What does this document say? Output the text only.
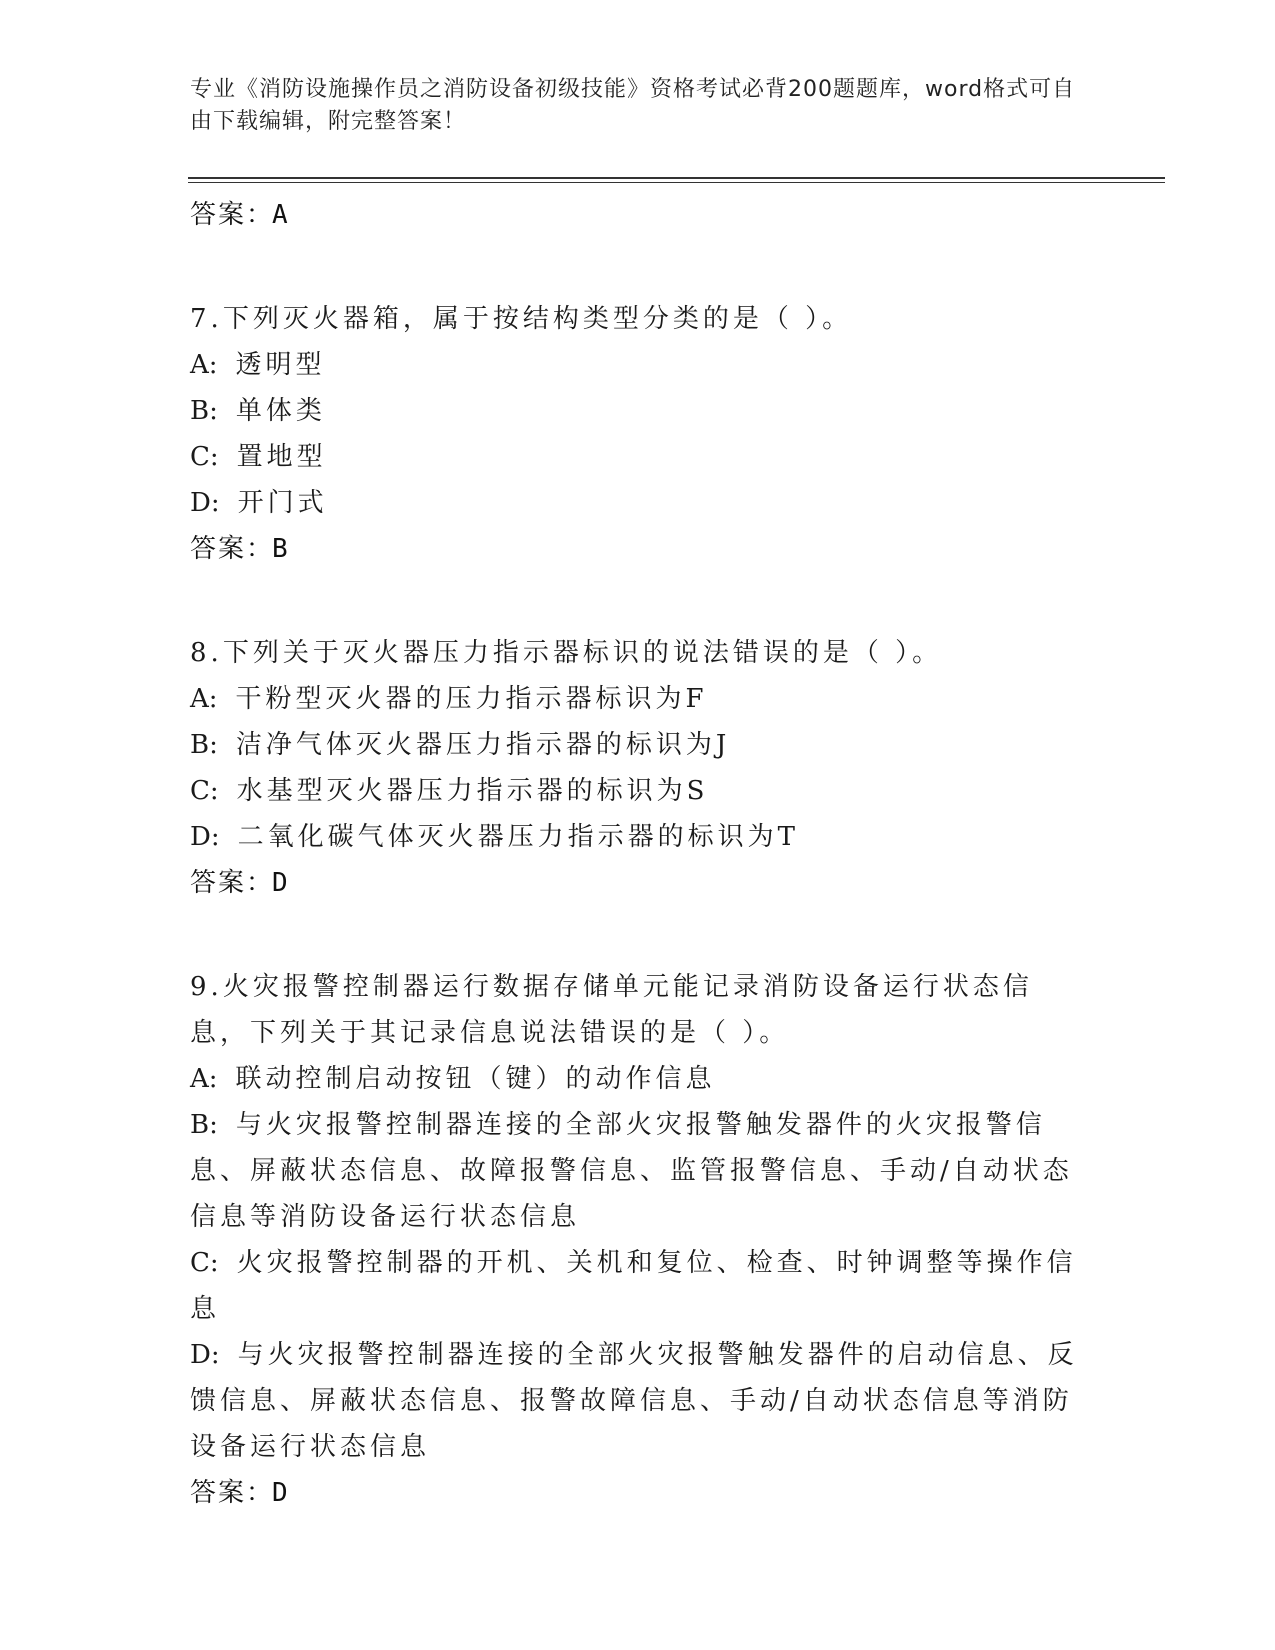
专业《消防设施操作员之消防设备初级技能》资格考试必背200题题库，word格式可自由下载编辑，附完整答案！
答案：A
7.下列灭火器箱，属于按结构类型分类的是（ ）。
A: 透明型
B: 单体类
C: 置地型
D: 开门式
答案：B
8.下列关于灭火器压力指示器标识的说法错误的是（ ）。
A: 干粉型灭火器的压力指示器标识为F
B: 洁净气体灭火器压力指示器的标识为J
C: 水基型灭火器压力指示器的标识为S
D: 二氧化碳气体灭火器压力指示器的标识为T
答案：D
9.火灾报警控制器运行数据存储单元能记录消防设备运行状态信息，下列关于其记录信息说法错误的是（ ）。
A: 联动控制启动按钮（键）的动作信息
B: 与火灾报警控制器连接的全部火灾报警触发器件的火灾报警信息、屏蔽状态信息、故障报警信息、监管报警信息、手动/自动状态信息等消防设备运行状态信息
C: 火灾报警控制器的开机、关机和复位、检查、时钟调整等操作信息
D: 与火灾报警控制器连接的全部火灾报警触发器件的启动信息、反馈信息、屏蔽状态信息、报警故障信息、手动/自动状态信息等消防设备运行状态信息
答案：D
